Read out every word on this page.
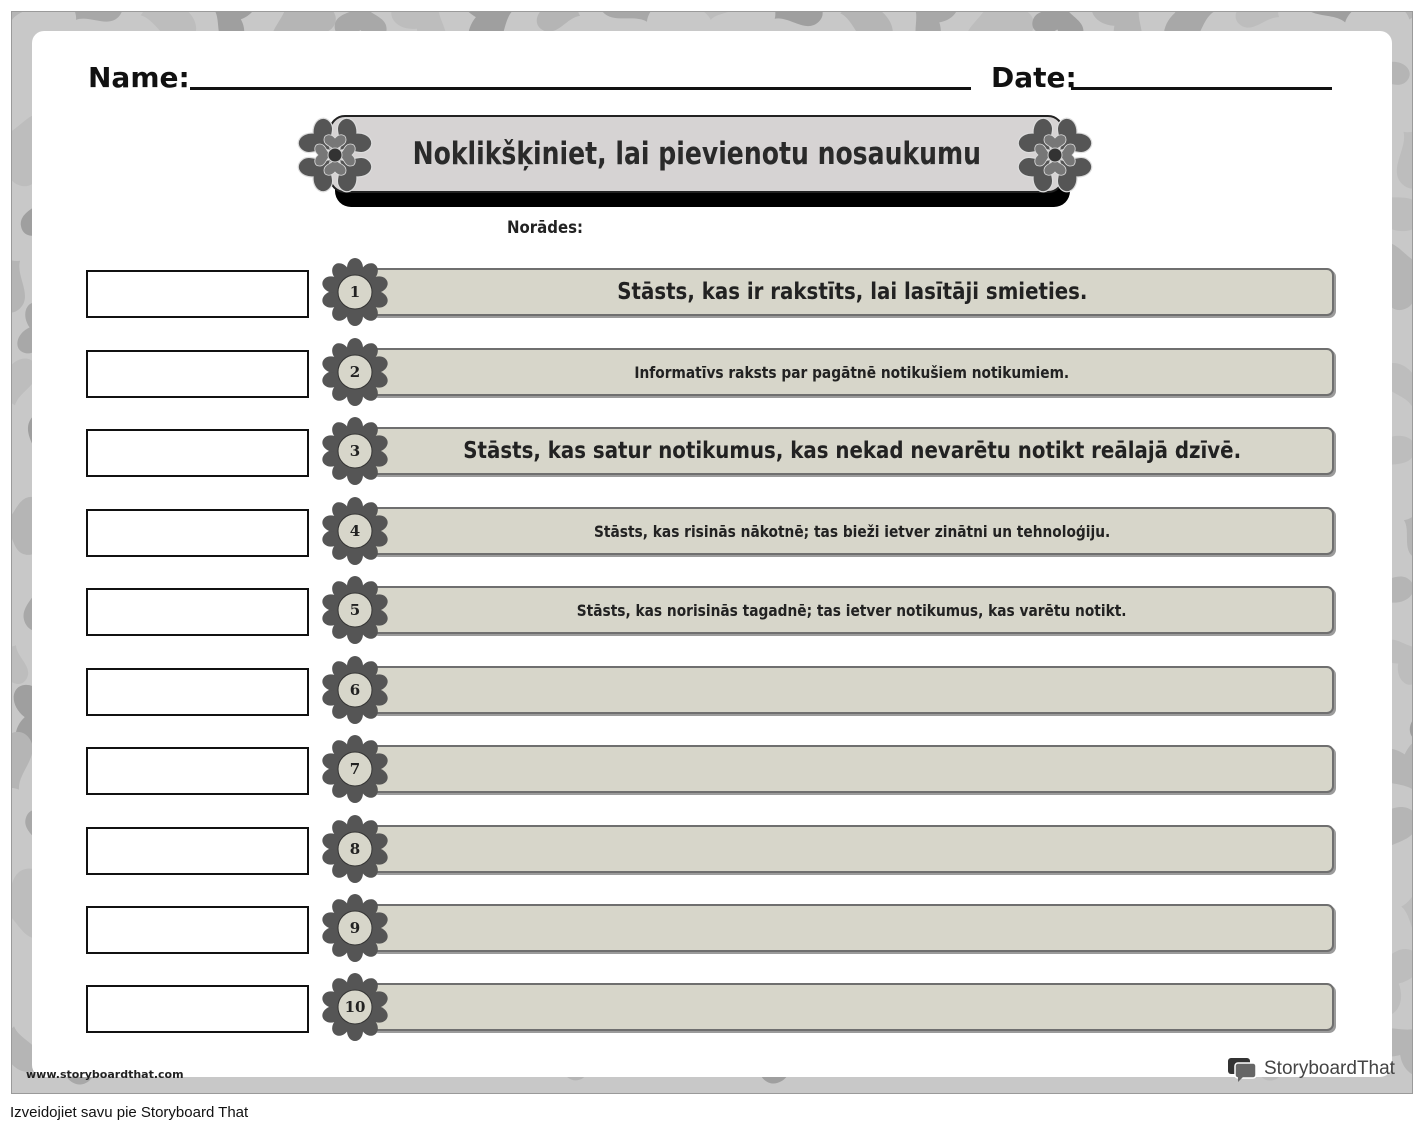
Name:	Date:
Noklikšķiniet, lai pievienotu nosaukumu
Norādes:
Stāsts, kas ir rakstīts, lai lasītāji smieties.
1
Informatīvs raksts par pagātnē notikušiem notikumiem.
2
Stāsts, kas satur notikumus, kas nekad nevarētu notikt reālajā dzīvē.
3
Stāsts, kas risinās nākotnē; tas bieži ietver zinātni un tehnoloģiju.
4
Stāsts, kas norisinās tagadnē; tas ietver notikumus, kas varētu notikt.
5
6
7
8
9
10
www.storyboardthat.com	StoryboardThat
Izveidojiet savu pie Storyboard That
